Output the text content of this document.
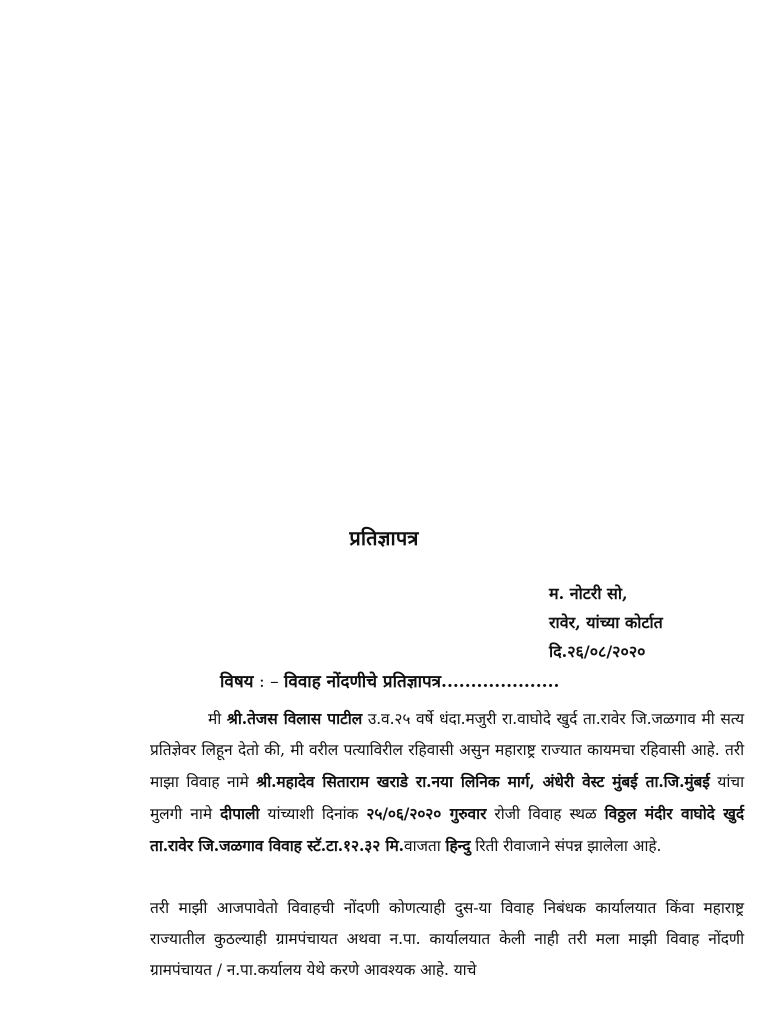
प्रतिज्ञापत्र
म. नोटरी सो,
रावेर, यांच्या कोर्टात
दि.२६/०८/२०२०
विषय : – विवाह नोंदणीचे प्रतिज्ञापत्र....................
मी श्री.तेजस विलास पाटील उ.व.२५ वर्षे धंदा.मजुरी रा.वाघोदे खुर्द ता.रावेर जि.जळगाव मी सत्य प्रतिज्ञेवर लिहून देतो की, मी वरील पत्याविरील रहिवासी असुन महाराष्ट्र राज्यात कायमचा रहिवासी आहे. तरी माझा विवाह नामे श्री.महादेव सिताराम खराडे रा.नया लिनिक मार्ग, अंधेरी वेस्ट मुंबई ता.जि.मुंबई यांचा मुलगी नामे दीपाली यांच्याशी दिनांक २५/०६/२०२० गुरुवार रोजी विवाह स्थळ विठ्ठल मंदीर वाघोदे खुर्द ता.रावेर जि.जळगाव विवाह स्टॅ.टा.१२.३२ मि.वाजता हिन्दु रिती रीवाजाने संपन्न झालेला आहे.
तरी माझी आजपावेतो विवाहची नोंदणी कोणत्याही दुस-या विवाह निबंधक कार्यालयात किंवा महाराष्ट्र राज्यातील कुठल्याही ग्रामपंचायत अथवा न.पा. कार्यालयात केली नाही तरी मला माझी विवाह नोंदणी ग्रामपंचायत / न.पा.कर्यालय येथे करणे आवश्यक आहे. याचे
